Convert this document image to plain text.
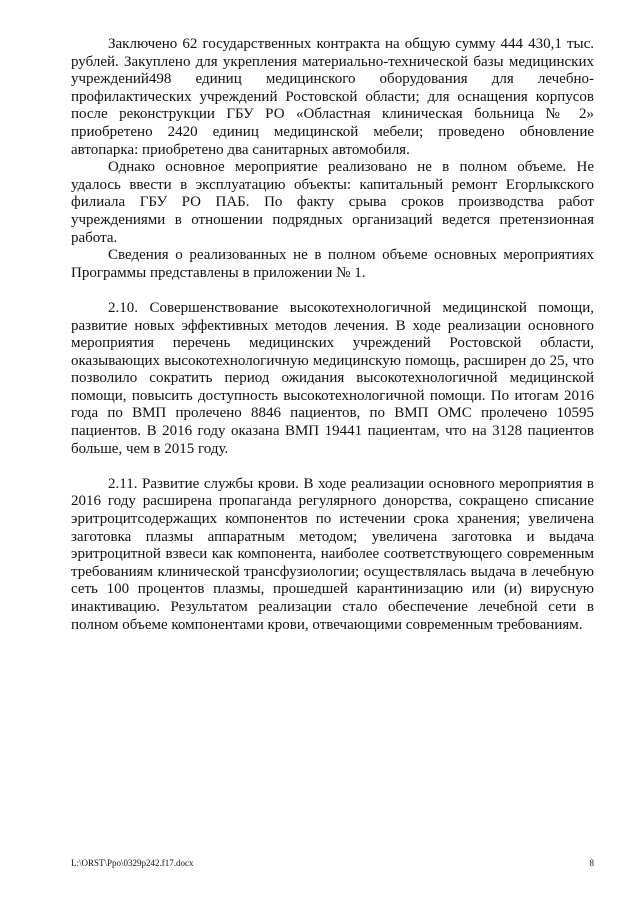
Заключено 62 государственных контракта на общую сумму 444 430,1 тыс. рублей. Закуплено для укрепления материально-технической базы медицинских учреждений498 единиц медицинского оборудования для лечебно-профилактических учреждений Ростовской области; для оснащения корпусов после реконструкции ГБУ РО «Областная клиническая больница № 2» приобретено 2420 единиц медицинской мебели; проведено обновление автопарка: приобретено два санитарных автомобиля.

Однако основное мероприятие реализовано не в полном объеме. Не удалось ввести в эксплуатацию объекты: капитальный ремонт Егорлыкского филиала ГБУ РО ПАБ. По факту срыва сроков производства работ учреждениями в отношении подрядных организаций ведется претензионная работа.

Сведения о реализованных не в полном объеме основных мероприятиях Программы представлены в приложении № 1.

2.10. Совершенствование высокотехнологичной медицинской помощи, развитие новых эффективных методов лечения. В ходе реализации основного мероприятия перечень медицинских учреждений Ростовской области, оказывающих высокотехнологичную медицинскую помощь, расширен до 25, что позволило сократить период ожидания высокотехнологичной медицинской помощи, повысить доступность высокотехнологичной помощи. По итогам 2016 года по ВМП пролечено 8846 пациентов, по ВМП ОМС пролечено 10595 пациентов. В 2016 году оказана ВМП 19441 пациентам, что на 3128 пациентов больше, чем в 2015 году.

2.11. Развитие службы крови. В ходе реализации основного мероприятия в 2016 году расширена пропаганда регулярного донорства, сокращено списание эритроцитсодержащих компонентов по истечении срока хранения; увеличена заготовка плазмы аппаратным методом; увеличена заготовка и выдача эритроцитной взвеси как компонента, наиболее соответствующего современным требованиям клинической трансфузиологии; осуществлялась выдача в лечебную сеть 100 процентов плазмы, прошедшей карантинизацию или (и) вирусную инактивацию. Результатом реализации стало обеспечение лечебной сети в полном объеме компонентами крови, отвечающими современным требованиям.

L:\ORST\Ppo\0329p242.f17.docx	8
